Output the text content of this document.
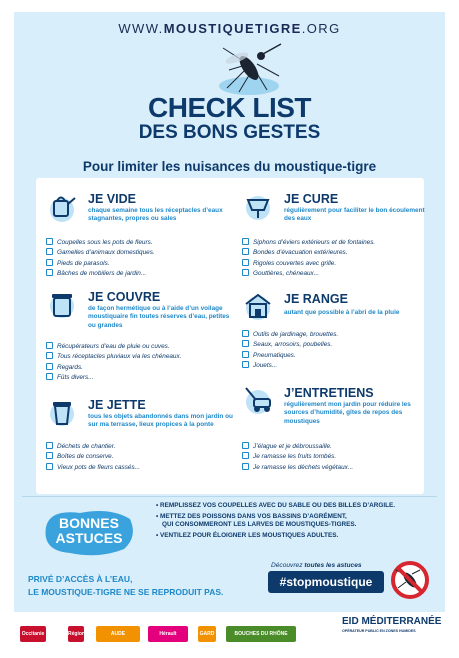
WWW.MOUSTIQUETIGRE.ORG
CHECK LIST
DES BONS GESTES
Pour limiter les nuisances du moustique-tigre
JE VIDE
chaque semaine tous les réceptacles d’eaux stagnantes, propres ou sales
Coupelles sous les pots de fleurs.
Gamelles d’animaux domestiques.
Pieds de parasols.
Bâches de mobiliers de jardin...
JE CURE
régulièrement pour faciliter le bon écoulement des eaux
Siphons d’éviers extérieurs et de fontaines.
Bondes d’évacuation extérieures.
Rigoles couvertes avec grille.
Gouttières, chéneaux...
JE COUVRE
de façon hermétique ou à l’aide d’un voilage moustiquaire fin toutes réserves d’eau, petites ou grandes
Récupérateurs d’eau de pluie ou cuves.
Tous réceptacles pluviaux via les chéneaux.
Regards.
Fûts divers...
JE RANGE
autant que possible à l’abri de la pluie
Outils de jardinage, brouettes.
Seaux, arrosoirs, poubelles.
Pneumatiques.
Jouets...
JE JETTE
tous les objets abandonnés dans mon jardin ou sur ma terrasse, lieux propices à la ponte
Déchets de chantier.
Boîtes de conserve.
Vieux pots de fleurs cassés...
J’ENTRETIENS
régulièrement mon jardin pour réduire les sources d’humidité, gîtes de repos des moustiques
J’élague et je débroussaille.
Je ramasse les fruits tombés.
Je ramasse les déchets végétaux...
BONNES
ASTUCES
• REMPLISSEZ VOS COUPELLES AVEC DU SABLE OU DES BILLES D’ARGILE.
• METTEZ DES POISSONS DANS VOS BASSINS D’AGRÉMENT,
QUI CONSOMMERONT LES LARVES DE MOUSTIQUES-TIGRES.
• VENTILEZ POUR ÉLOIGNER LES MOUSTIQUES ADULTES.
PRIVÉ D’ACCÈS À L’EAU,
LE MOUSTIQUE-TIGRE NE SE REPRODUIT PAS.
Découvrez toutes les astuces
#stopmoustique
Occitanie	Région	AUDE	Hérault	GARD 30
BOUCHES DU RHÔNE
EID MÉDITERRANÉE
OPÉRATEUR PUBLIC EN ZONES HUMIDES
